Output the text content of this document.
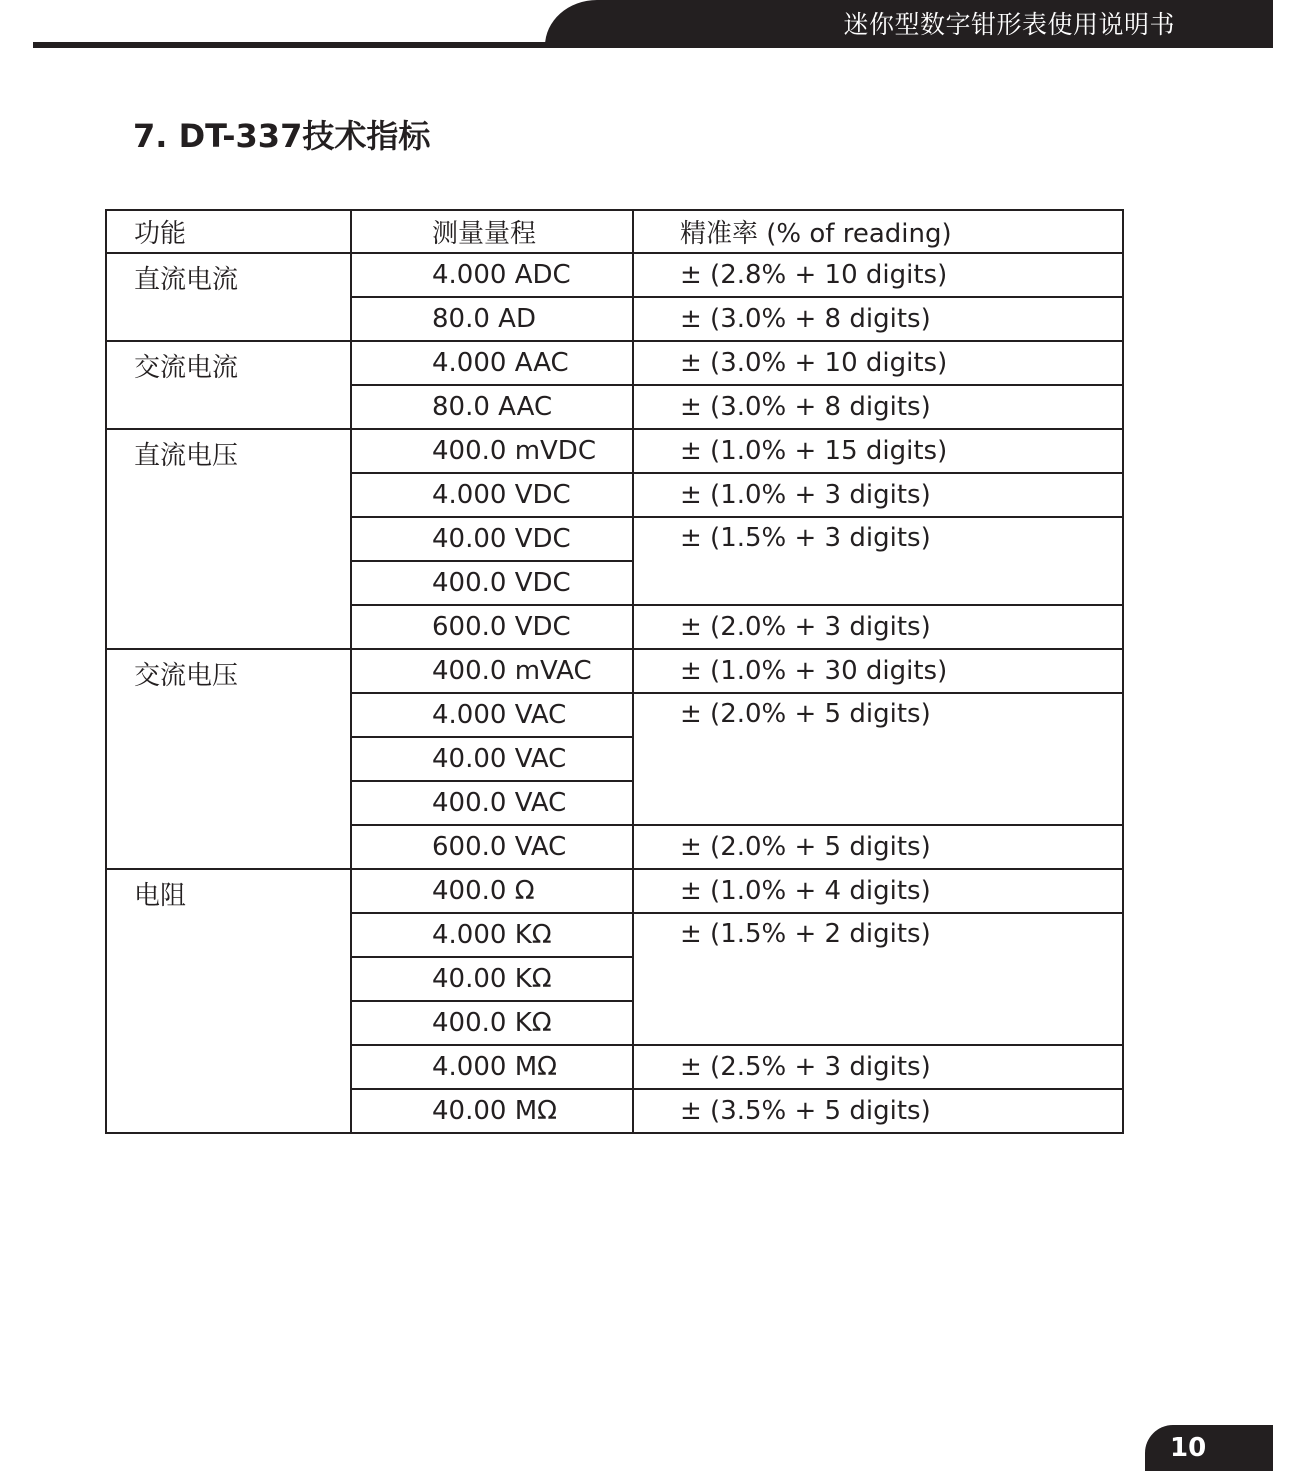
迷你型数字钳形表使用说明书
7. DT-337技术指标
功能	测量量程	精准率 (% of reading)
直流电流	4.000 ADC	± (2.8% + 10 digits)
	80.0 AD	± (3.0% + 8 digits)
交流电流	4.000 AAC	± (3.0% + 10 digits)
	80.0 AAC	± (3.0% + 8 digits)
直流电压	400.0 mVDC	± (1.0% + 15 digits)
	4.000 VDC	± (1.0% + 3 digits)
	40.00 VDC	± (1.5% + 3 digits)
	400.0 VDC	
	600.0 VDC	± (2.0% + 3 digits)
交流电压	400.0 mVAC	± (1.0% + 30 digits)
	4.000 VAC	± (2.0% + 5 digits)
	40.00 VAC	
	400.0 VAC	
	600.0 VAC	± (2.0% + 5 digits)
电阻	400.0 Ω	± (1.0% + 4 digits)
	4.000 KΩ	± (1.5% + 2 digits)
	40.00 KΩ	
	400.0 KΩ	
	4.000 MΩ	± (2.5% + 3 digits)
	40.00 MΩ	± (3.5% + 5 digits)
10
